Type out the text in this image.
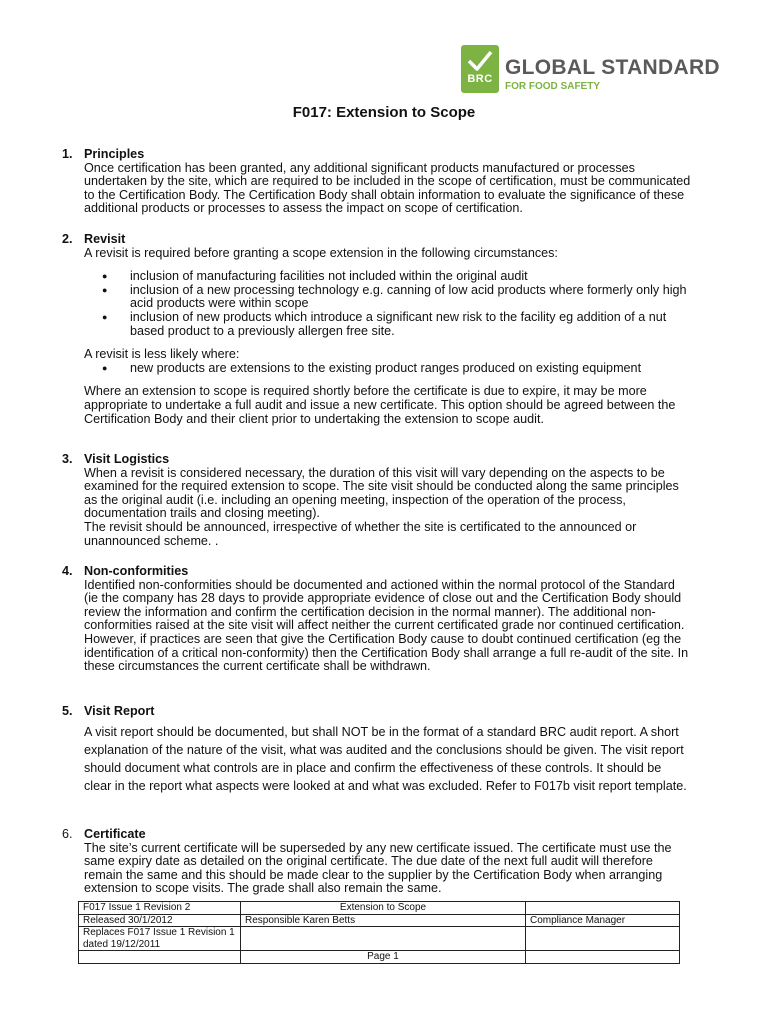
BRC GLOBAL STANDARD
FOR FOOD SAFETY
F017: Extension to Scope
1. Principles

Once certification has been granted, any additional significant products manufactured or processes undertaken by the site, which are required to be included in the scope of certification, must be communicated to the Certification Body. The Certification Body shall obtain information to evaluate the significance of these additional products or processes to assess the impact on scope of certification.

2. Revisit

A revisit is required before granting a scope extension in the following circumstances:

● inclusion of manufacturing facilities not included within the original audit
● inclusion of a new processing technology e.g. canning of low acid products where formerly only high acid products were within scope
● inclusion of new products which introduce a significant new risk to the facility eg addition of a nut based product to a previously allergen free site.

A revisit is less likely where:

● new products are extensions to the existing product ranges produced on existing equipment

Where an extension to scope is required shortly before the certificate is due to expire, it may be more appropriate to undertake a full audit and issue a new certificate. This option should be agreed between the Certification Body and their client prior to undertaking the extension to scope audit.

3. Visit Logistics

When a revisit is considered necessary, the duration of this visit will vary depending on the aspects to be examined for the required extension to scope. The site visit should be conducted along the same principles as the original audit (i.e. including an opening meeting, inspection of the operation of the process, documentation trails and closing meeting).

The revisit should be announced, irrespective of whether the site is certificated to the announced or unannounced scheme. .

4. Non-conformities

Identified non-conformities should be documented and actioned within the normal protocol of the Standard (ie the company has 28 days to provide appropriate evidence of close out and the Certification Body should review the information and confirm the certification decision in the normal manner). The additional non-conformities raised at the site visit will affect neither the current certificated grade nor continued certification. However, if practices are seen that give the Certification Body cause to doubt continued certification (eg the identification of a critical non-conformity) then the Certification Body shall arrange a full re-audit of the site. In these circumstances the current certificate shall be withdrawn.

5. Visit Report

A visit report should be documented, but shall NOT be in the format of a standard BRC audit report. A short explanation of the nature of the visit, what was audited and the conclusions should be given. The visit report should document what controls are in place and confirm the effectiveness of these controls. It should be clear in the report what aspects were looked at and what was excluded. Refer to F017b visit report template.

6. Certificate

The site’s current certificate will be superseded by any new certificate issued. The certificate must use the same expiry date as detailed on the original certificate. The due date of the next full audit will therefore remain the same and this should be made clear to the supplier by the Certification Body when arranging extension to scope visits. The grade shall also remain the same.

F017 Issue 1 Revision 2	Extension to Scope	
Released 30/1/2012	Responsible Karen Betts	Compliance Manager
Replaces F017 Issue 1 Revision 1 dated 19/12/2011		
	Page 1	
